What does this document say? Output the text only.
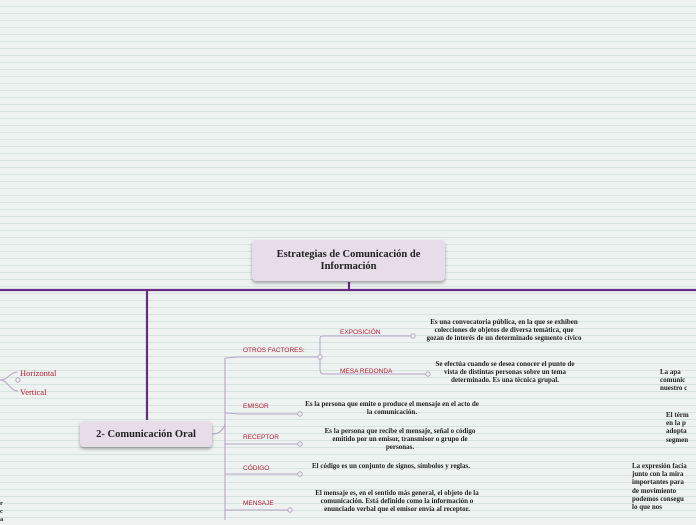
Estrategias de Comunicación de Información
2- Comunicación Oral
Horizontal
Vertical
r
c
a
OTROS FACTORES:
EXPOSICIÓN
Es una convocatoria pública, en la que se exhiben colecciones de objetos de diversa temática, que gozan de interés de un determinado segmento cívico
MESA REDONDA
Se efectúa cuando se desea conocer el punto de vista de distintas personas sobre un tema determinado. Es una técnica grupal.
EMISOR	Es la persona que emite o produce el mensaje en el acto de la comunicación.
RECEPTOR
Es la persona que recibe el mensaje, señal o código emitido por un emisor, transmisor o grupo de personas.
CÓDIGO	El código es un conjunto de signos, símbolos y reglas.
MENSAJE
El mensaje es, en el sentido más general, el objeto de la comunicación. Está definido como la información o enunciado verbal que el emisor envía al receptor.
La apa
comunic
nuestro c
El térm
en la p
adopta
segmen
La expresión facia
junto con la mira
importantes para
de movimiento
podemos consegu
lo que nos
